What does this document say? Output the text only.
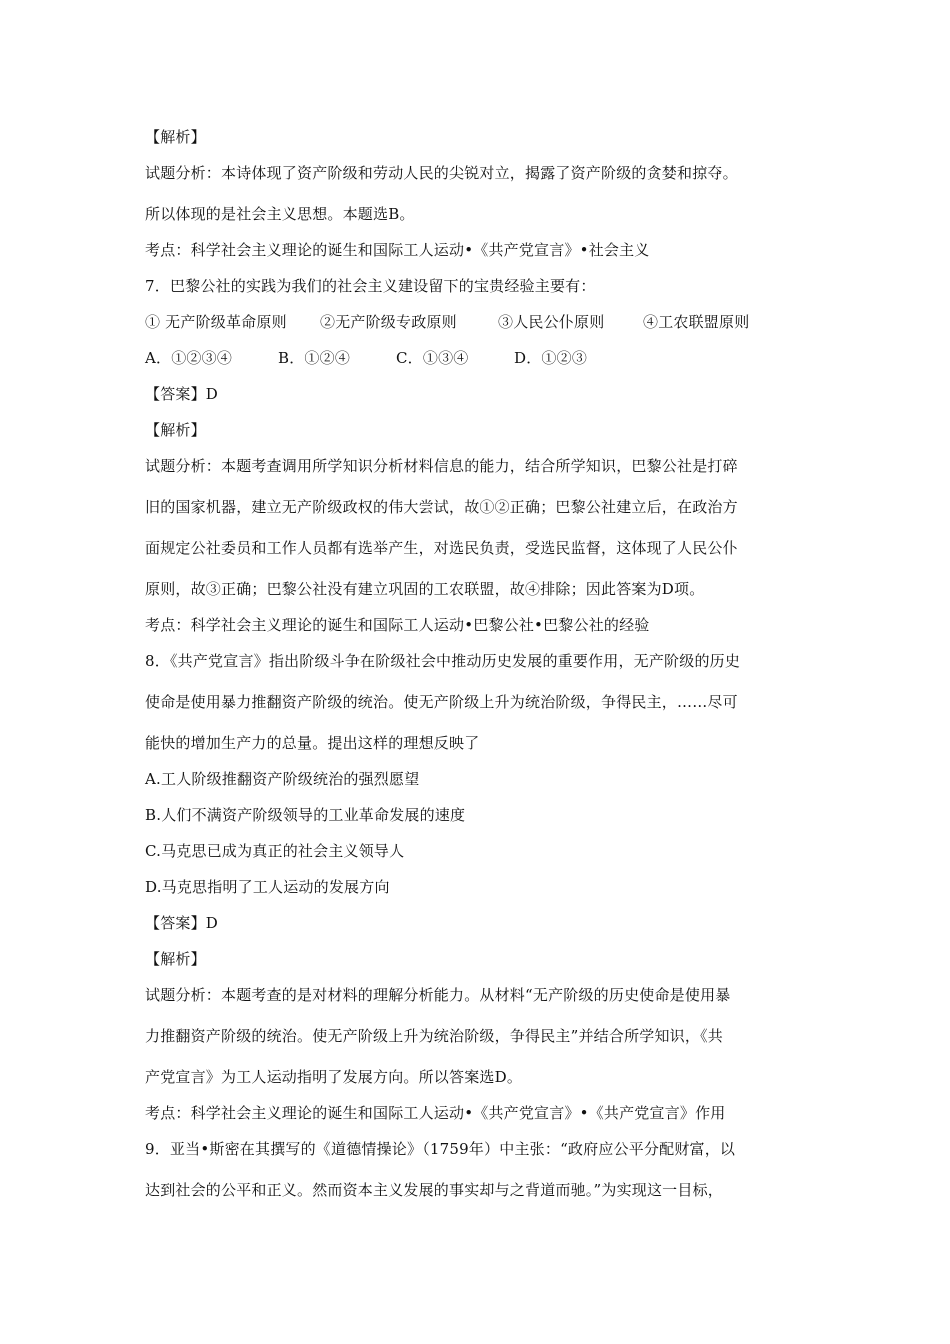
【解析】
试题分析：本诗体现了资产阶级和劳动人民的尖锐对立，揭露了资产阶级的贪婪和掠夺。
所以体现的是社会主义思想。本题选B。
考点：科学社会主义理论的诞生和国际工人运动•《共产党宣言》•社会主义
7．巴黎公社的实践为我们的社会主义建设留下的宝贵经验主要有：
① 无产阶级革命原则 ②无产阶级专政原则	③人民公仆原则	④工农联盟原则
A．①②③④	B．①②④	C．①③④	D．①②③
【答案】D
【解析】
试题分析：本题考查调用所学知识分析材料信息的能力，结合所学知识，巴黎公社是打碎
旧的国家机器，建立无产阶级政权的伟大尝试，故①②正确；巴黎公社建立后，在政治方
面规定公社委员和工作人员都有选举产生，对选民负责，受选民监督，这体现了人民公仆
原则，故③正确；巴黎公社没有建立巩固的工农联盟，故④排除；因此答案为D项。
考点：科学社会主义理论的诞生和国际工人运动•巴黎公社•巴黎公社的经验
8．《共产党宣言》指出阶级斗争在阶级社会中推动历史发展的重要作用，无产阶级的历史
使命是使用暴力推翻资产阶级的统治。使无产阶级上升为统治阶级，争得民主，……尽可
能快的增加生产力的总量。提出这样的理想反映了
A.工人阶级推翻资产阶级统治的强烈愿望
B.人们不满资产阶级领导的工业革命发展的速度
C.马克思已成为真正的社会主义领导人
D.马克思指明了工人运动的发展方向
【答案】D
【解析】
试题分析：本题考查的是对材料的理解分析能力。从材料“无产阶级的历史使命是使用暴
力推翻资产阶级的统治。使无产阶级上升为统治阶级，争得民主”并结合所学知识，《共
产党宣言》为工人运动指明了发展方向。所以答案选D。
考点：科学社会主义理论的诞生和国际工人运动•《共产党宣言》•《共产党宣言》作用
9．亚当•斯密在其撰写的《道德情操论》（1759年）中主张：“政府应公平分配财富，以
达到社会的公平和正义。然而资本主义发展的事实却与之背道而驰。”为实现这一目标，
